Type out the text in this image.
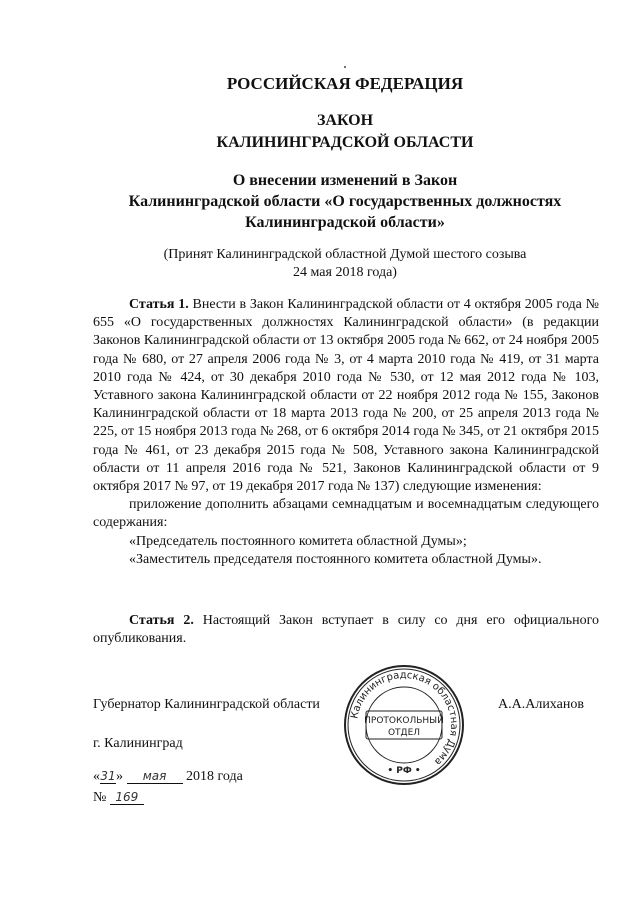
РОССИЙСКАЯ ФЕДЕРАЦИЯ
ЗАКОН
КАЛИНИНГРАДСКОЙ ОБЛАСТИ
О внесении изменений в Закон
Калининградской области «О государственных должностях
Калининградской области»
(Принят Калининградской областной Думой шестого созыва
24 мая 2018 года)

Статья 1. Внести в Закон Калининградской области от 4 октября 2005 года № 655 «О государственных должностях Калининградской области» (в редакции Законов Калининградской области от 13 октября 2005 года № 662, от 24 ноября 2005 года № 680, от 27 апреля 2006 года № 3, от 4 марта 2010 года № 419, от 31 марта 2010 года № 424, от 30 декабря 2010 года № 530, от 12 мая 2012 года № 103, Уставного закона Калининградской области от 22 ноября 2012 года № 155, Законов Калининградской области от 18 марта 2013 года № 200, от 25 апреля 2013 года № 225, от 15 ноября 2013 года № 268, от 6 октября 2014 года № 345, от 21 октября 2015 года № 461, от 23 декабря 2015 года № 508, Уставного закона Калининградской области от 11 апреля 2016 года № 521, Законов Калининградской области от 9 октября 2017 № 97, от 19 декабря 2017 года № 137) следующие изменения:

приложение дополнить абзацами семнадцатым и восемнадцатым следующего содержания:

«Председатель постоянного комитета областной Думы»;

«Заместитель председателя постоянного комитета областной Думы».

Статья 2. Настоящий Закон вступает в силу со дня его официального опубликования.

Губернатор Калининградской области	А.А.Алиханов
г. Калининград
«31» мая 2018 года
№ 169
Калининградская областная Дума
ПРОТОКОЛЬНЫЙ
ОТДЕЛ
• РФ •
